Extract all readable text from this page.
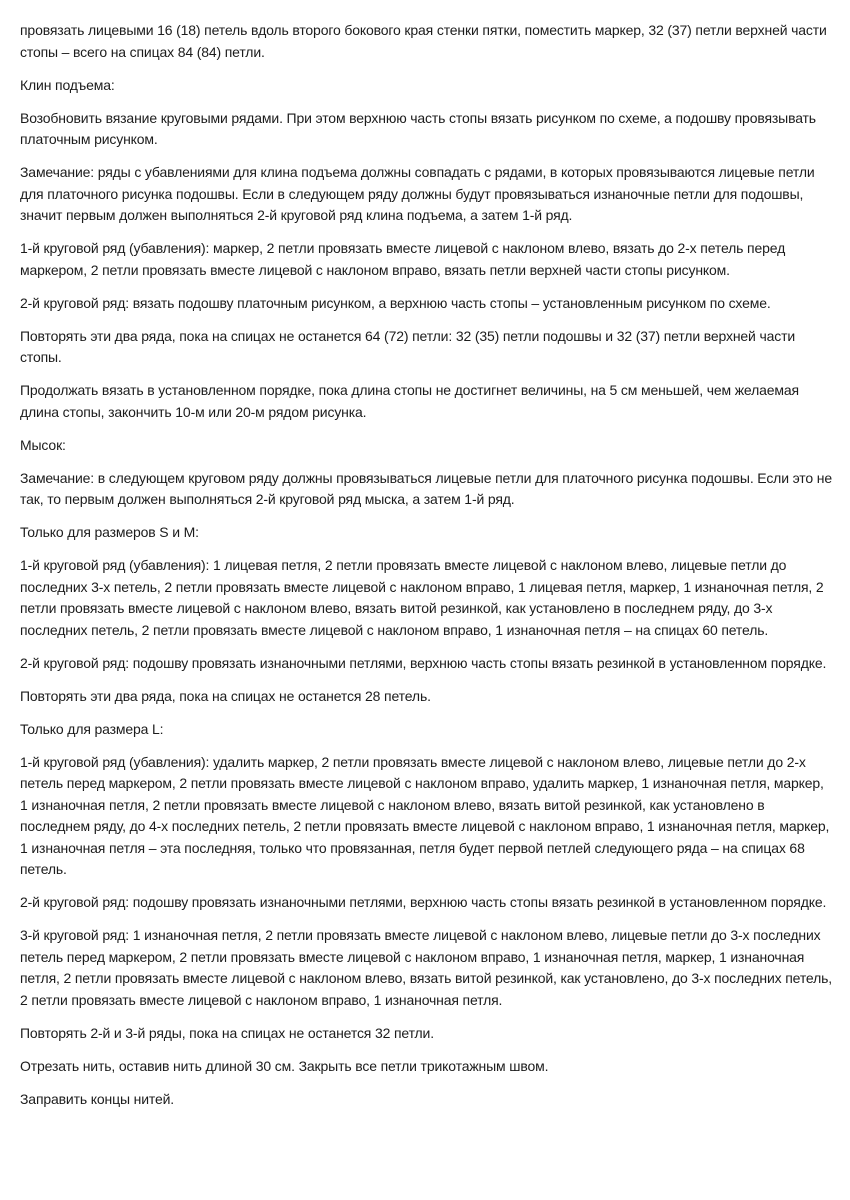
провязать лицевыми 16 (18) петель вдоль второго бокового края стенки пятки, поместить маркер, 32 (37) петли верхней части стопы – всего на спицах 84 (84) петли.

Клин подъема:

Возобновить вязание круговыми рядами. При этом верхнюю часть стопы вязать рисунком по схеме, а подошву провязывать платочным рисунком.

Замечание: ряды с убавлениями для клина подъема должны совпадать с рядами, в которых провязываются лицевые петли для платочного рисунка подошвы. Если в следующем ряду должны будут провязываться изнаночные петли для подошвы, значит первым должен выполняться 2-й круговой ряд клина подъема, а затем 1-й ряд.

1-й круговой ряд (убавления): маркер, 2 петли провязать вместе лицевой с наклоном влево, вязать до 2-х петель перед маркером, 2 петли провязать вместе лицевой с наклоном вправо, вязать петли верхней части стопы рисунком.

2-й круговой ряд: вязать подошву платочным рисунком, а верхнюю часть стопы – установленным рисунком по схеме.

Повторять эти два ряда, пока на спицах не останется 64 (72) петли: 32 (35) петли подошвы и 32 (37) петли верхней части стопы.

Продолжать вязать в установленном порядке, пока длина стопы не достигнет величины, на 5 см меньшей, чем желаемая длина стопы, закончить 10-м или 20-м рядом рисунка.

Мысок:

Замечание: в следующем круговом ряду должны провязываться лицевые петли для платочного рисунка подошвы. Если это не так, то первым должен выполняться 2-й круговой ряд мыска, а затем 1-й ряд.

Только для размеров S и M:

1-й круговой ряд (убавления): 1 лицевая петля, 2 петли провязать вместе лицевой с наклоном влево, лицевые петли до последних 3-х петель, 2 петли провязать вместе лицевой с наклоном вправо, 1 лицевая петля, маркер, 1 изнаночная петля, 2 петли провязать вместе лицевой с наклоном влево, вязать витой резинкой, как установлено в последнем ряду, до 3-х последних петель, 2 петли провязать вместе лицевой с наклоном вправо, 1 изнаночная петля – на спицах 60 петель.

2-й круговой ряд: подошву провязать изнаночными петлями, верхнюю часть стопы вязать резинкой в установленном порядке.

Повторять эти два ряда, пока на спицах не останется 28 петель.

Только для размера L:

1-й круговой ряд (убавления): удалить маркер, 2 петли провязать вместе лицевой с наклоном влево, лицевые петли до 2-х петель перед маркером, 2 петли провязать вместе лицевой с наклоном вправо, удалить маркер, 1 изнаночная петля, маркер, 1 изнаночная петля, 2 петли провязать вместе лицевой с наклоном влево, вязать витой резинкой, как установлено в последнем ряду, до 4-х последних петель, 2 петли провязать вместе лицевой с наклоном вправо, 1 изнаночная петля, маркер, 1 изнаночная петля – эта последняя, только что провязанная, петля будет первой петлей следующего ряда – на спицах 68 петель.

2-й круговой ряд: подошву провязать изнаночными петлями, верхнюю часть стопы вязать резинкой в установленном порядке.

3-й круговой ряд: 1 изнаночная петля, 2 петли провязать вместе лицевой с наклоном влево, лицевые петли до 3-х последних петель перед маркером, 2 петли провязать вместе лицевой с наклоном вправо, 1 изнаночная петля, маркер, 1 изнаночная петля, 2 петли провязать вместе лицевой с наклоном влево, вязать витой резинкой, как установлено, до 3-х последних петель, 2 петли провязать вместе лицевой с наклоном вправо, 1 изнаночная петля.

Повторять 2-й и 3-й ряды, пока на спицах не останется 32 петли.

Отрезать нить, оставив нить длиной 30 см. Закрыть все петли трикотажным швом.

Заправить концы нитей.
